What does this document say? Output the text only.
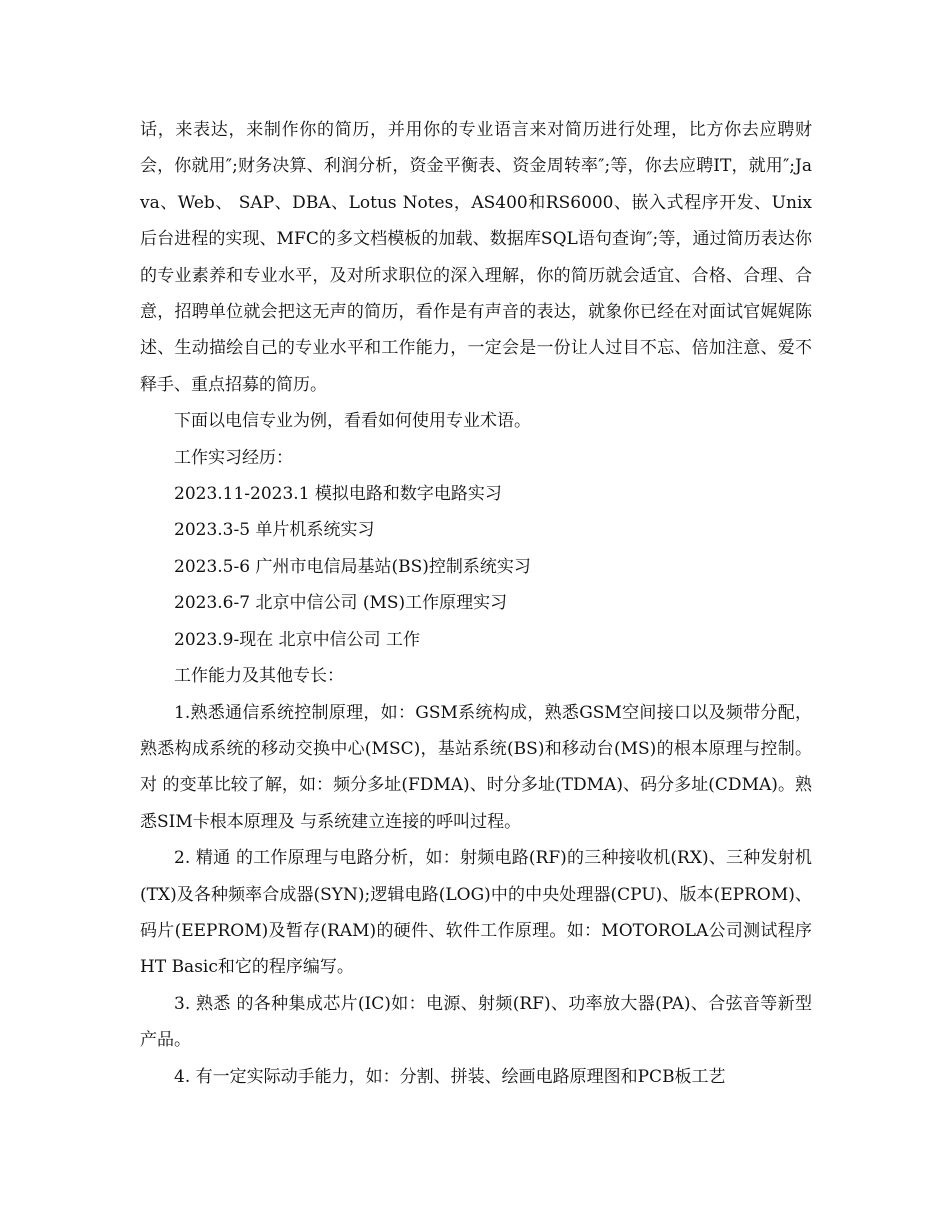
话，来表达，来制作你的简历，并用你的专业语言来对简历进行处理，比方你去应聘财会，你就用″;财务决算、利润分析，资金平衡表、资金周转率″;等，你去应聘IT，就用″;Java、Web、 SAP、DBA、Lotus Notes，AS400和RS6000、嵌入式程序开发、Unix后台进程的实现、MFC的多文档模板的加载、数据库SQL语句查询″;等，通过简历表达你的专业素养和专业水平，及对所求职位的深入理解，你的简历就会适宜、合格、合理、合意，招聘单位就会把这无声的简历，看作是有声音的表达，就象你已经在对面试官娓娓陈述、生动描绘自己的专业水平和工作能力，一定会是一份让人过目不忘、倍加注意、爱不释手、重点招募的简历。

下面以电信专业为例，看看如何使用专业术语。

工作实习经历：

2023.11-2023.1 模拟电路和数字电路实习

2023.3-5 单片机系统实习

2023.5-6 广州市电信局基站(BS)控制系统实习

2023.6-7 北京中信公司 (MS)工作原理实习

2023.9-现在 北京中信公司 工作

工作能力及其他专长：

1.熟悉通信系统控制原理，如：GSM系统构成，熟悉GSM空间接口以及频带分配，熟悉构成系统的移动交换中心(MSC)，基站系统(BS)和移动台(MS)的根本原理与控制。对 的变革比较了解，如：频分多址(FDMA)、时分多址(TDMA)、码分多址(CDMA)。熟悉SIM卡根本原理及 与系统建立连接的呼叫过程。

2. 精通 的工作原理与电路分析，如：射频电路(RF)的三种接收机(RX)、三种发射机(TX)及各种频率合成器(SYN);逻辑电路(LOG)中的中央处理器(CPU)、版本(EPROM)、码片(EEPROM)及暂存(RAM)的硬件、软件工作原理。如：MOTOROLA公司测试程序HT Basic和它的程序编写。

3. 熟悉 的各种集成芯片(IC)如：电源、射频(RF)、功率放大器(PA)、合弦音等新型产品。

4. 有一定实际动手能力，如：分割、拼装、绘画电路原理图和PCB板工艺
